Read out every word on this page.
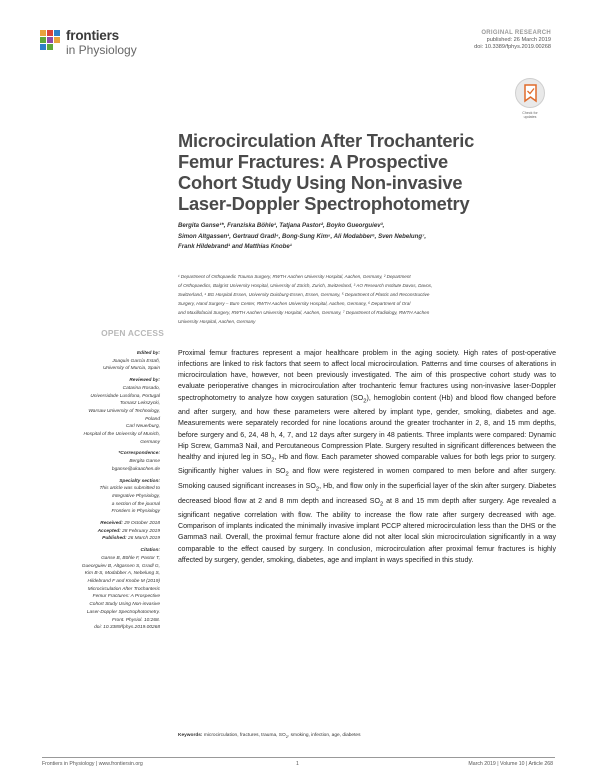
frontiers
in Physiology
ORIGINAL RESEARCH
published: 26 March 2019
doi: 10.3389/fphys.2019.00268
Check for
updates
Microcirculation After Trochanteric
Femur Fractures: A Prospective
Cohort Study Using Non-invasive
Laser-Doppler Spectrophotometry
Bergita Ganse¹*, Franziska Böhle¹, Tatjana Pastor², Boyko Gueorguiev³,
Simon Altgassen¹, Gertraud Gradl⁴, Bong-Sung Kim⁵, Ali Modabber⁶, Sven Nebelung⁷,
Frank Hildebrand¹ and Matthias Knobe¹
¹ Department of Orthopaedic Trauma Surgery, RWTH Aachen University Hospital, Aachen, Germany, ² Department
of Orthopaedics, Balgrist University Hospital, University of Zürich, Zurich, Switzerland, ³ AO Research Institute Davos, Davos,
Switzerland, ⁴ BG Hospital Essen, University Duisburg-Essen, Essen, Germany, ⁵ Department of Plastic and Reconstructive
Surgery, Hand Surgery – Burn Center, RWTH Aachen University Hospital, Aachen, Germany, ⁶ Department of Oral
and Maxillofacial Surgery, RWTH Aachen University Hospital, Aachen, Germany, ⁷ Department of Radiology, RWTH Aachen
University Hospital, Aachen, Germany
OPEN ACCESS
Edited by:
Joaquín García Estañ,
University of Murcia, Spain
Reviewed by:
Catarina Rosado,
Universidade Lusófona, Portugal
Tomasz Lekszycki,
Warsaw University of Technology,
Poland
Carl Neuerburg,
Hospital of the University of Munich,
Germany
*Correspondence:
Bergita Ganse
bganse@ukaachen.de
Specialty section:
This article was submitted to
Integrative Physiology,
a section of the journal
Frontiers in Physiology
Received: 29 October 2018
Accepted: 28 February 2019
Published: 26 March 2019
Citation:
Ganse B, Böhle F, Pastor T,
Gueorguiev B, Altgassen S, Gradl G,
Kim B-S, Modabber A, Nebelung S,
Hildebrand F and Knobe M (2019)
Microcirculation After Trochanteric
Femur Fractures: A Prospective
Cohort Study Using Non-invasive
Laser-Doppler Spectrophotometry.
Front. Physiol. 10:268.
doi: 10.3389/fphys.2019.00268
Proximal femur fractures represent a major healthcare problem in the aging society. High rates of post-operative infections are linked to risk factors that seem to affect local microcirculation. Patterns and time courses of alterations in microcirculation have, however, not been previously investigated. The aim of this prospective cohort study was to evaluate perioperative changes in microcirculation after trochanteric femur fractures using non-invasive laser-Doppler spectrophotometry to analyze how oxygen saturation $(SO_2)$, hemoglobin content (Hb) and blood flow changed before and after surgery, and how these parameters were altered by implant type, gender, smoking, diabetes and age. Measurements were separately recorded for nine locations around the greater trochanter in 2, 8, and 15 mm depths, before surgery and 6, 24, 48 h, 4, 7, and 12 days after surgery in 48 patients. Three implants were compared: Dynamic Hip Screw, Gamma3 Nail, and Percutaneous Compression Plate. Surgery resulted in significant differences between the healthy and injured leg in $SO_2$, Hb and flow. Each parameter showed comparable values for both legs prior to surgery. Significantly higher values in $SO_2$ and flow were registered in women compared to men before and after surgery. Smoking caused significant increases in $SO_2$, Hb, and flow only in the superficial layer of the skin after surgery. Diabetes decreased blood flow at 2 and 8 mm depth and increased $SO_2$ at 8 and 15 mm depth after surgery. Age revealed a significant negative correlation with flow. The ability to increase the flow rate after surgery decreased with age. Comparison of implants indicated the minimally invasive implant PCCP altered microcirculation less than the DHS or the Gamma3 nail. Overall, the proximal femur fracture alone did not alter local skin microcirculation significantly in a way comparable to the effect caused by surgery. In conclusion, microcirculation after proximal femur fractures is highly affected by surgery, gender, smoking, diabetes, age and implant in ways specified in this study.
Keywords: microcirculation, fractures, trauma, $SO_2$, smoking, infection, age, diabetes
Frontiers in Physiology | www.frontiersin.org	1	March 2019 | Volume 10 | Article 268
